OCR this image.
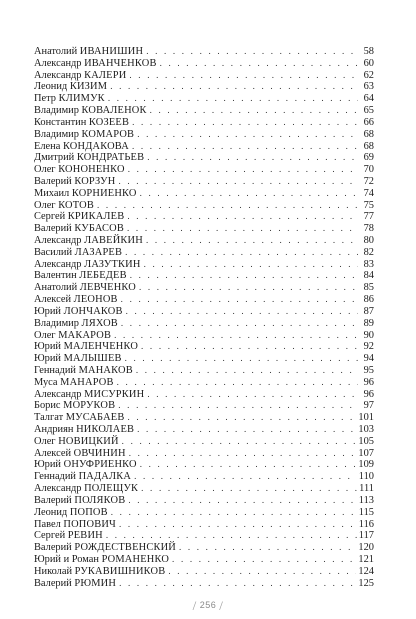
Анатолий ИВАНИШИН . . .	58
Александр ИВАНЧЕНКОВ . . .	60
Александр КАЛЕРИ . . .	62
Леонид КИЗИМ . . .	63
Петр КЛИМУК . . .	64
Владимир КОВАЛЕНОК . . .	65
Константин КОЗЕЕВ . . .	66
Владимир КОМАРОВ . . .	68
Елена КОНДАКОВА . . .	68
Дмитрий КОНДРАТЬЕВ . . .	69
Олег КОНОНЕНКО . . .	70
Валерий КОРЗУН . . .	72
Михаил КОРНИЕНКО . . .	74
Олег КОТОВ . . .	75
Сергей КРИКАЛЕВ . . .	77
Валерий КУБАСОВ . . .	78
Александр ЛАВЕЙКИН . . .	80
Василий ЛАЗАРЕВ . . .	82
Александр ЛАЗУТКИН . . .	83
Валентин ЛЕБЕДЕВ . . .	84
Анатолий ЛЕВЧЕНКО . . .	85
Алексей ЛЕОНОВ . . .	86
Юрий ЛОНЧАКОВ . . .	87
Владимир ЛЯХОВ . . .	89
Олег МАКАРОВ . . .	90
Юрий МАЛЕНЧЕНКО . . .	92
Юрий МАЛЫШЕВ . . .	94
Геннадий МАНАКОВ . . .	95
Муса МАНАРОВ . . .	96
Александр МИСУРКИН . . .	96
Борис МОРУКОВ . . .	97
Талгат МУСАБАЕВ . . .	101
Андриян НИКОЛАЕВ . . .	103
Олег НОВИЦКИЙ . . .	105
Алексей ОВЧИНИН . . .	107
Юрий ОНУФРИЕНКО . . .	109
Геннадий ПАДАЛКА . . .	110
Александр ПОЛЕЩУК . . .	111
Валерий ПОЛЯКОВ . . .	113
Леонид ПОПОВ . . .	115
Павел ПОПОВИЧ . . .	116
Сергей РЕВИН . . .	117
Валерий РОЖДЕСТВЕНСКИЙ . . .	120
Юрий и Роман РОМАНЕНКО . . .	121
Николай РУКАВИШНИКОВ . . .	124
Валерий РЮМИН . . .	125
/ 256 /
